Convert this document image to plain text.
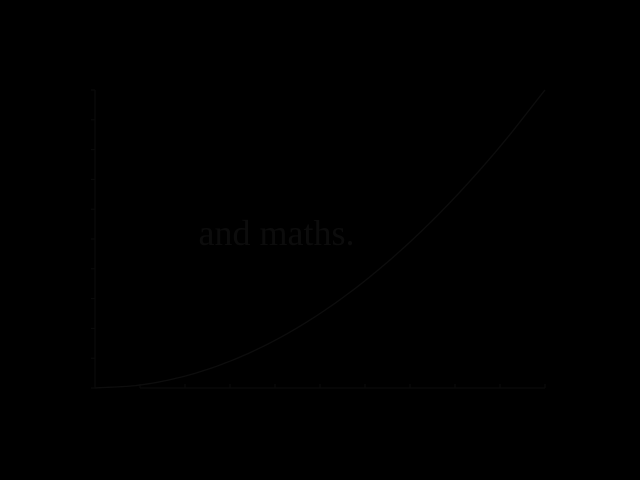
and maths.
